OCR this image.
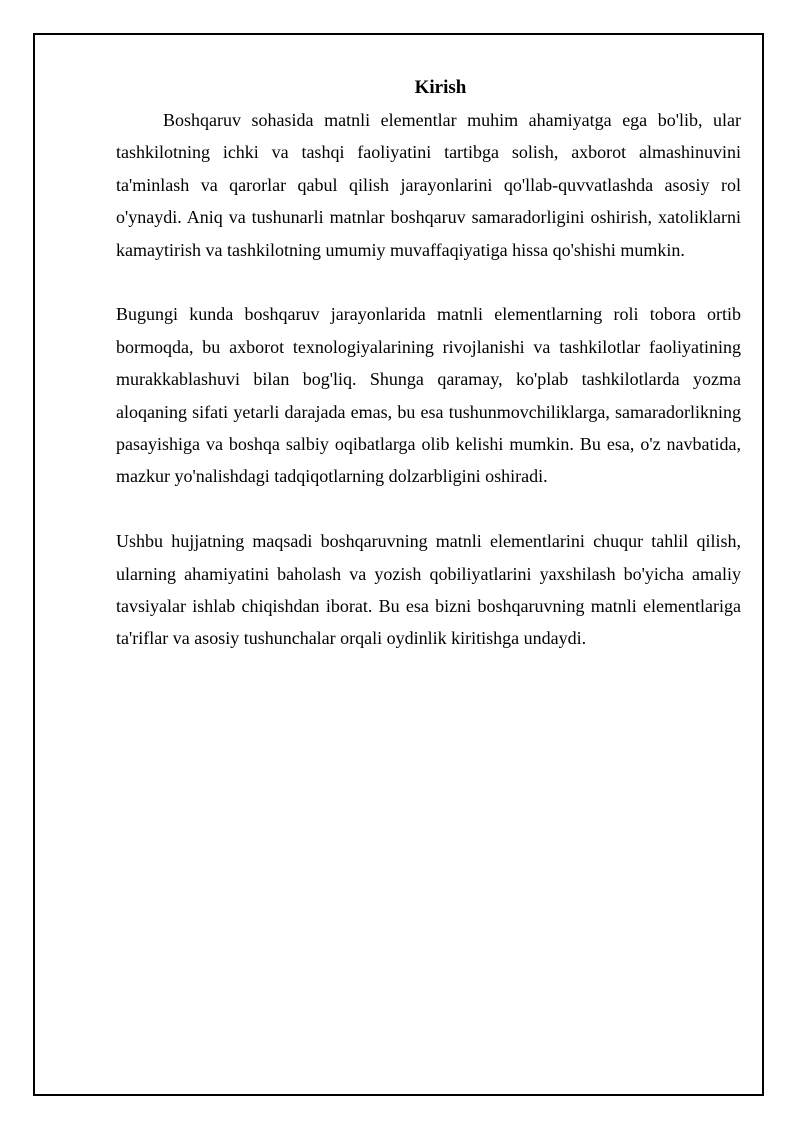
Kirish

Boshqaruv sohasida matnli elementlar muhim ahamiyatga ega bo'lib, ular tashkilotning ichki va tashqi faoliyatini tartibga solish, axborot almashinuvini ta'minlash va qarorlar qabul qilish jarayonlarini qo'llab-quvvatlashda asosiy rol o'ynaydi. Aniq va tushunarli matnlar boshqaruv samaradorligini oshirish, xatoliklarni kamaytirish va tashkilotning umumiy muvaffaqiyatiga hissa qo'shishi mumkin.

Bugungi kunda boshqaruv jarayonlarida matnli elementlarning roli tobora ortib bormoqda, bu axborot texnologiyalarining rivojlanishi va tashkilotlar faoliyatining murakkablashuvi bilan bog'liq. Shunga qaramay, ko'plab tashkilotlarda yozma aloqaning sifati yetarli darajada emas, bu esa tushunmovchiliklarga, samaradorlikning pasayishiga va boshqa salbiy oqibatlarga olib kelishi mumkin. Bu esa, o'z navbatida, mazkur yo'nalishdagi tadqiqotlarning dolzarbligini oshiradi.

Ushbu hujjatning maqsadi boshqaruvning matnli elementlarini chuqur tahlil qilish, ularning ahamiyatini baholash va yozish qobiliyatlarini yaxshilash bo'yicha amaliy tavsiyalar ishlab chiqishdan iborat. Bu esa bizni boshqaruvning matnli elementlariga ta'riflar va asosiy tushunchalar orqali oydinlik kiritishga undaydi.
